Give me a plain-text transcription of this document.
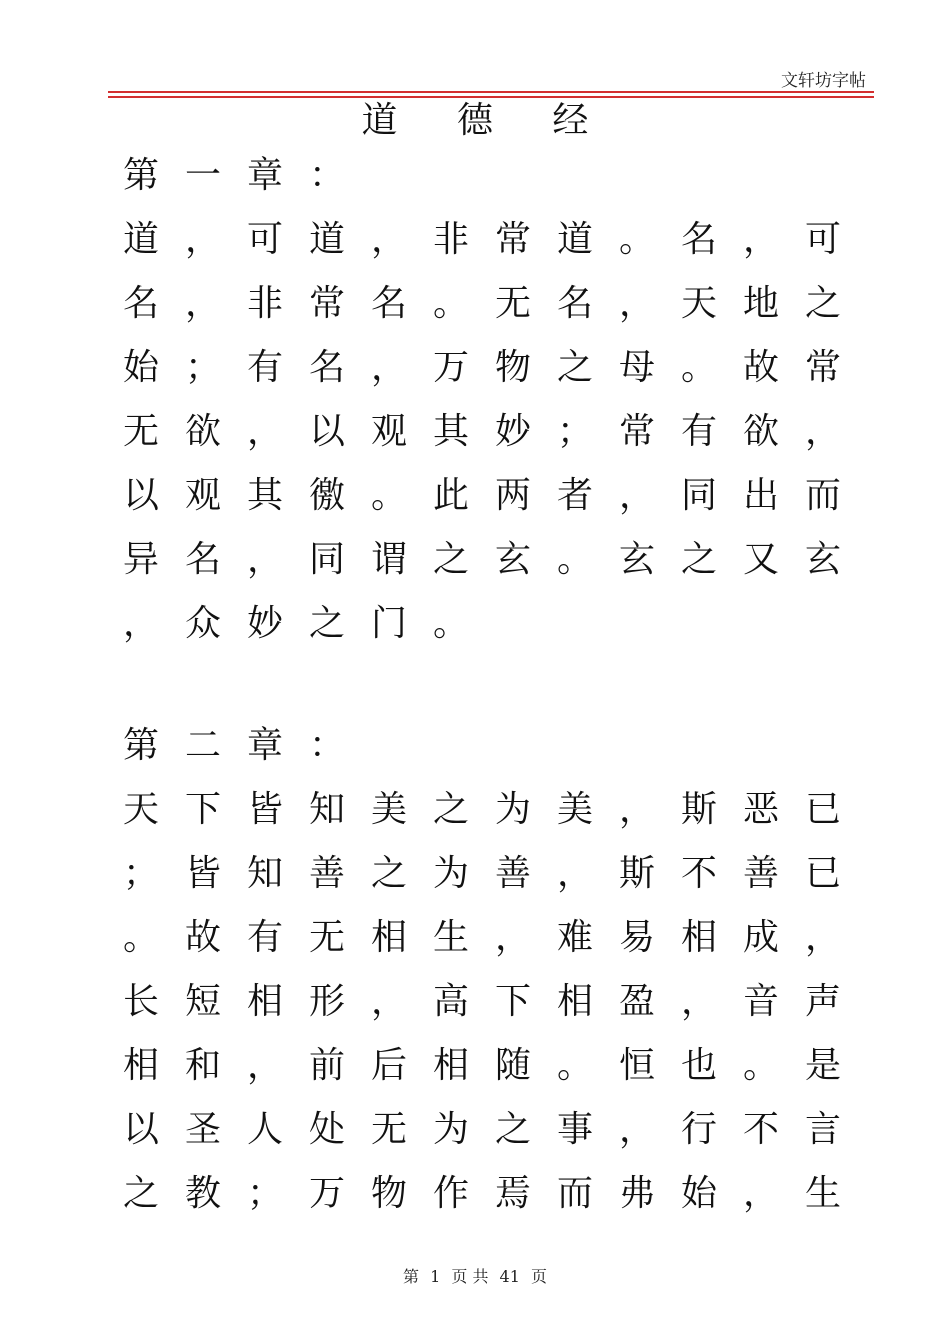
文轩坊字帖
道 德 经
第 一 章 ：
道 ， 可 道 ， 非 常 道 。 名 ， 可
名 ， 非 常 名 。 无 名 ， 天 地 之
始 ； 有 名 ， 万 物 之 母 。 故 常
无 欲 ， 以 观 其 妙 ； 常 有 欲 ，
以 观 其 徼 。 此 两 者 ， 同 出 而
异 名 ， 同 谓 之 玄 。 玄 之 又 玄
， 众 妙 之 门 。
第 二 章 ：
天 下 皆 知 美 之 为 美 ， 斯 恶 已
； 皆 知 善 之 为 善 ， 斯 不 善 已
。 故 有 无 相 生 ， 难 易 相 成 ，
长 短 相 形 ， 高 下 相 盈 ， 音 声
相 和 ， 前 后 相 随 。 恒 也 。 是
以 圣 人 处 无 为 之 事 ， 行 不 言
之 教 ； 万 物 作 焉 而 弗 始 ， 生
第 1 页 共 41 页
